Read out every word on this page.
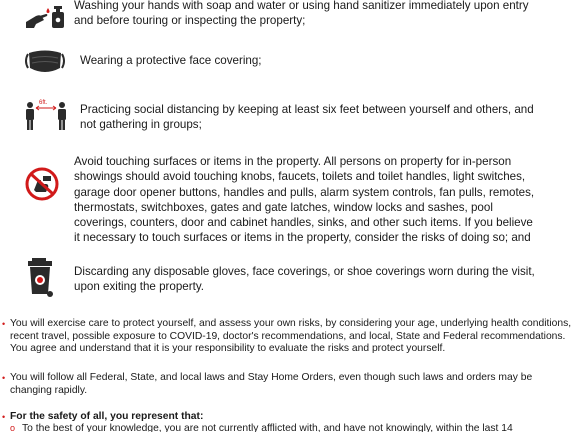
Washing your hands with soap and water or using hand sanitizer immediately upon entry
and before touring or inspecting the property;
Wearing a protective face covering;
6ft.	Practicing social distancing by keeping at least six feet between yourself and others, and
not gathering in groups;
Avoid touching surfaces or items in the property. All persons on property for in-person
showings should avoid touching knobs, faucets, toilets and toilet handles, light switches,
garage door opener buttons, handles and pulls, alarm system controls, fan pulls, remotes,
thermostats, switchboxes, gates and gate latches, window locks and sashes, pool
coverings, counters, door and cabinet handles, sinks, and other such items. If you believe
it necessary to touch surfaces or items in the property, consider the risks of doing so; and
Discarding any disposable gloves, face coverings, or shoe coverings worn during the visit,
upon exiting the property.
• You will exercise care to protect yourself, and assess your own risks, by considering your age, underlying health conditions,
recent travel, possible exposure to COVID-19, doctor's recommendations, and local, State and Federal recommendations.
You agree and understand that it is your responsibility to evaluate the risks and protect yourself.
• You will follow all Federal, State, and local laws and Stay Home Orders, even though such laws and orders may be
changing rapidly.
• For the safety of all, you represent that:
o To the best of your knowledge, you are not currently afflicted with, and have not knowingly, within the last 14
